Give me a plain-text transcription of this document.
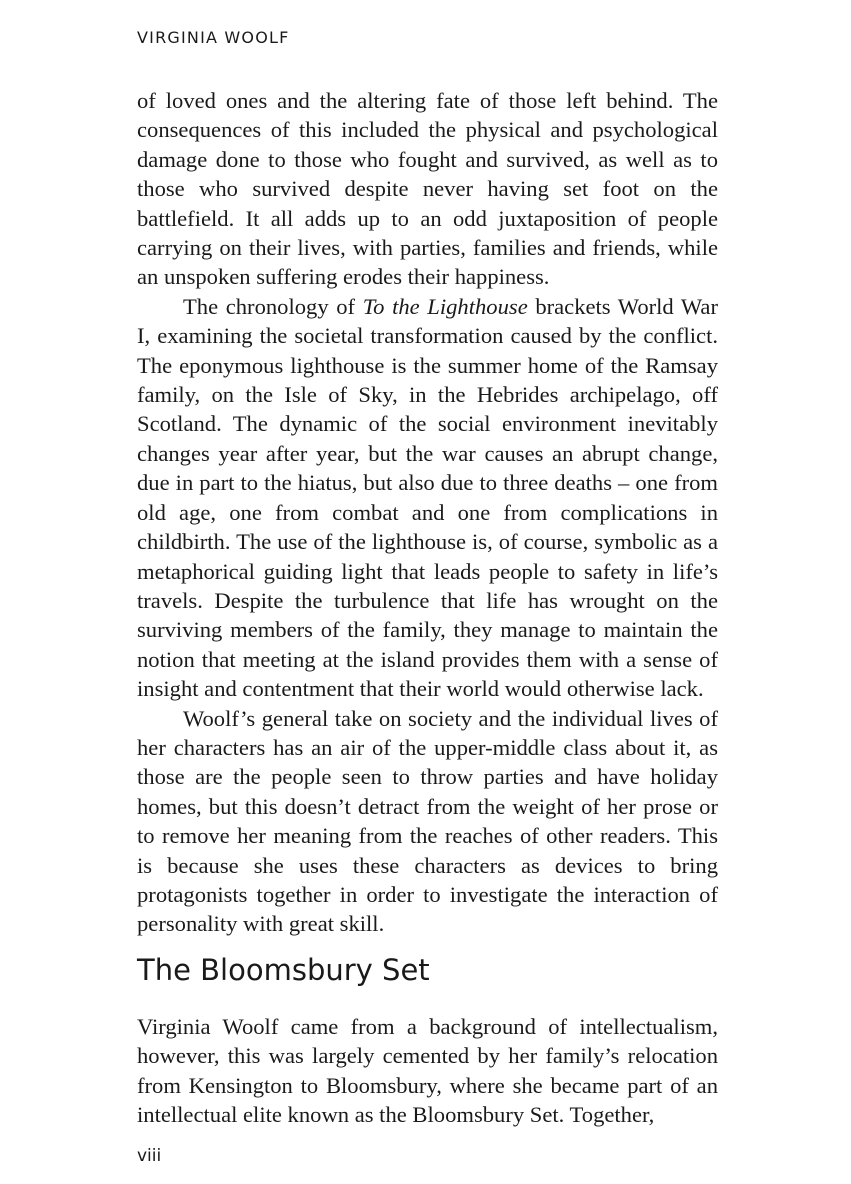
VIRGINIA WOOLF

of loved ones and the altering fate of those left behind. The consequences of this included the physical and psychological damage done to those who fought and survived, as well as to those who survived despite never having set foot on the battlefield. It all adds up to an odd juxtaposition of people carrying on their lives, with parties, families and friends, while an unspoken suffering erodes their happiness.

The chronology of To the Lighthouse brackets World War I, examining the societal transformation caused by the conflict. The eponymous lighthouse is the summer home of the Ramsay family, on the Isle of Sky, in the Hebrides archipelago, off Scotland. The dynamic of the social environment inevitably changes year after year, but the war causes an abrupt change, due in part to the hiatus, but also due to three deaths – one from old age, one from combat and one from complications in childbirth. The use of the lighthouse is, of course, symbolic as a metaphorical guiding light that leads people to safety in life’s travels. Despite the turbulence that life has wrought on the surviving members of the family, they manage to maintain the notion that meeting at the island provides them with a sense of insight and contentment that their world would otherwise lack.

Woolf’s general take on society and the individual lives of her characters has an air of the upper-middle class about it, as those are the people seen to throw parties and have holiday homes, but this doesn’t detract from the weight of her prose or to remove her meaning from the reaches of other readers. This is because she uses these characters as devices to bring protagonists together in order to investigate the interaction of personality with great skill.

The Bloomsbury Set

Virginia Woolf came from a background of intellectualism, however, this was largely cemented by her family’s relocation from Kensington to Bloomsbury, where she became part of an intellectual elite known as the Bloomsbury Set. Together,

viii
